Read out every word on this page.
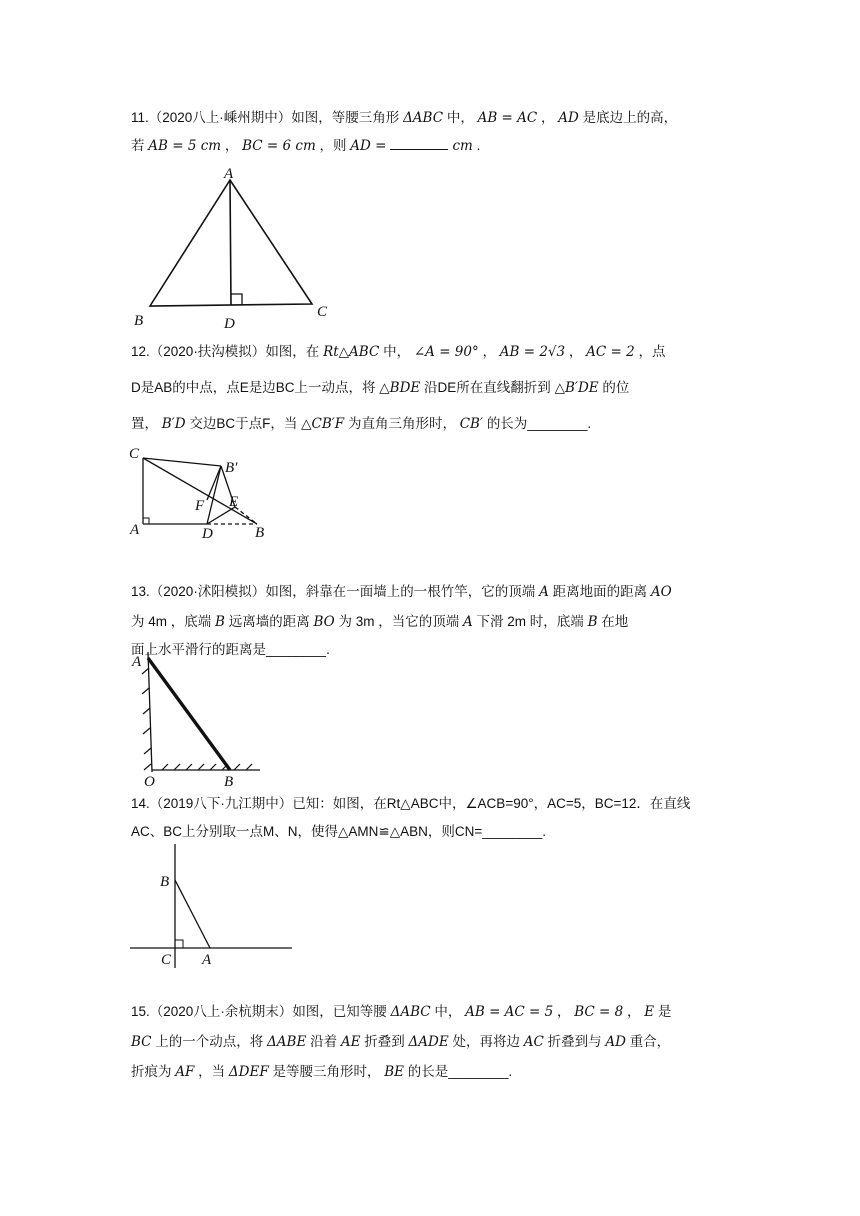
11.（2020八上·嵊州期中）如图，等腰三角形 ΔABC 中， AB = AC ， AD 是底边上的高，
若 AB = 5 cm ， BC = 6 cm ，则 AD =	cm .
A
B
C
D
12.（2020·扶沟模拟）如图，在 Rt△ABC 中， ∠A = 90° ， AB = 2√3 ， AC = 2 ，点
D是AB的中点，点E是边BC上一动点，将 △BDE 沿DE所在直线翻折到 △B′DE 的位
置， B′D 交边BC于点F，当 △CB′F 为直角三角形时， CB′ 的长为________.
C
B′
F E
A	D	B
13.（2020·沭阳模拟）如图，斜靠在一面墙上的一根竹竿，它的顶端 A 距离地面的距离 AO
为 4m ，底端 B 远离墙的距离 BO 为 3m ，当它的顶端 A 下滑 2m 时，底端 B 在地
面上水平滑行的距离是________.
A
O	B
14.（2019八下·九江期中）已知：如图，在Rt△ABC中，∠ACB=90°，AC=5，BC=12．在直线
AC、BC上分别取一点M、N，使得△AMN≌△ABN，则CN=________.
B
C A
15.（2020八上·余杭期末）如图，已知等腰 ΔABC 中， AB = AC = 5 ， BC = 8 ， E 是
BC 上的一个动点，将 ΔABE 沿着 AE 折叠到 ΔADE 处，再将边 AC 折叠到与 AD 重合，
折痕为 AF ，当 ΔDEF 是等腰三角形时， BE 的长是________.
